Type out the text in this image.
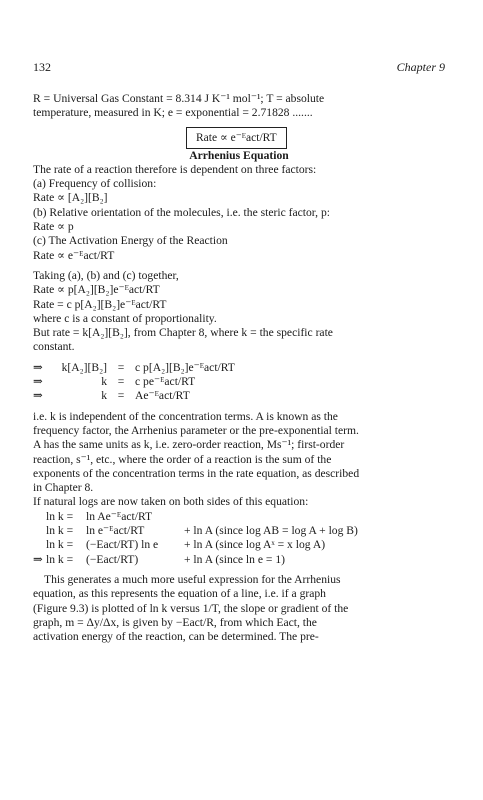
132	Chapter 9

R = Universal Gas Constant = 8.314 J K⁻¹ mol⁻¹; T = absolute

temperature, measured in K; e = exponential = 2.71828 .......

Rate ∝ e⁻ᴱact/RT

Arrhenius Equation

The rate of a reaction therefore is dependent on three factors:

(a) Frequency of collision:

Rate ∝ [A₂][B₂]

(b) Relative orientation of the molecules, i.e. the steric factor, p:

Rate ∝ p

(c) The Activation Energy of the Reaction

Rate ∝ e⁻ᴱact/RT

Taking (a), (b) and (c) together,

Rate ∝ p[A₂][B₂]e⁻ᴱact/RT

Rate = c p[A₂][B₂]e⁻ᴱact/RT

where c is a constant of proportionality.

But rate = k[A₂][B₂], from Chapter 8, where k = the specific rate

constant.

⇒	k[A₂][B₂] = c p[A₂][B₂]e⁻ᴱact/RT
⇒	k = c pe⁻ᴱact/RT
⇒	k = Ae⁻ᴱact/RT

i.e. k is independent of the concentration terms. A is known as the

frequency factor, the Arrhenius parameter or the pre-exponential term.

A has the same units as k, i.e. zero-order reaction, Ms⁻¹; first-order

reaction, s⁻¹, etc., where the order of a reaction is the sum of the

exponents of the concentration terms in the rate equation, as described

in Chapter 8.

If natural logs are now taken on both sides of this equation:

ln k =	ln Ae⁻ᴱact/RT
ln k =	ln e⁻ᴱact/RT	+ ln A (since log AB = log A + log B)
ln k =	(−Eact/RT) ln e	+ ln A (since log Aˣ = x log A)
⇒ ln k =	(−Eact/RT)	+ ln A (since ln e = 1)

This generates a much more useful expression for the Arrhenius

equation, as this represents the equation of a line, i.e. if a graph

(Figure 9.3) is plotted of ln k versus 1/T, the slope or gradient of the

graph, m = Δy/Δx, is given by −Eact/R, from which Eact, the

activation energy of the reaction, can be determined. The pre-
